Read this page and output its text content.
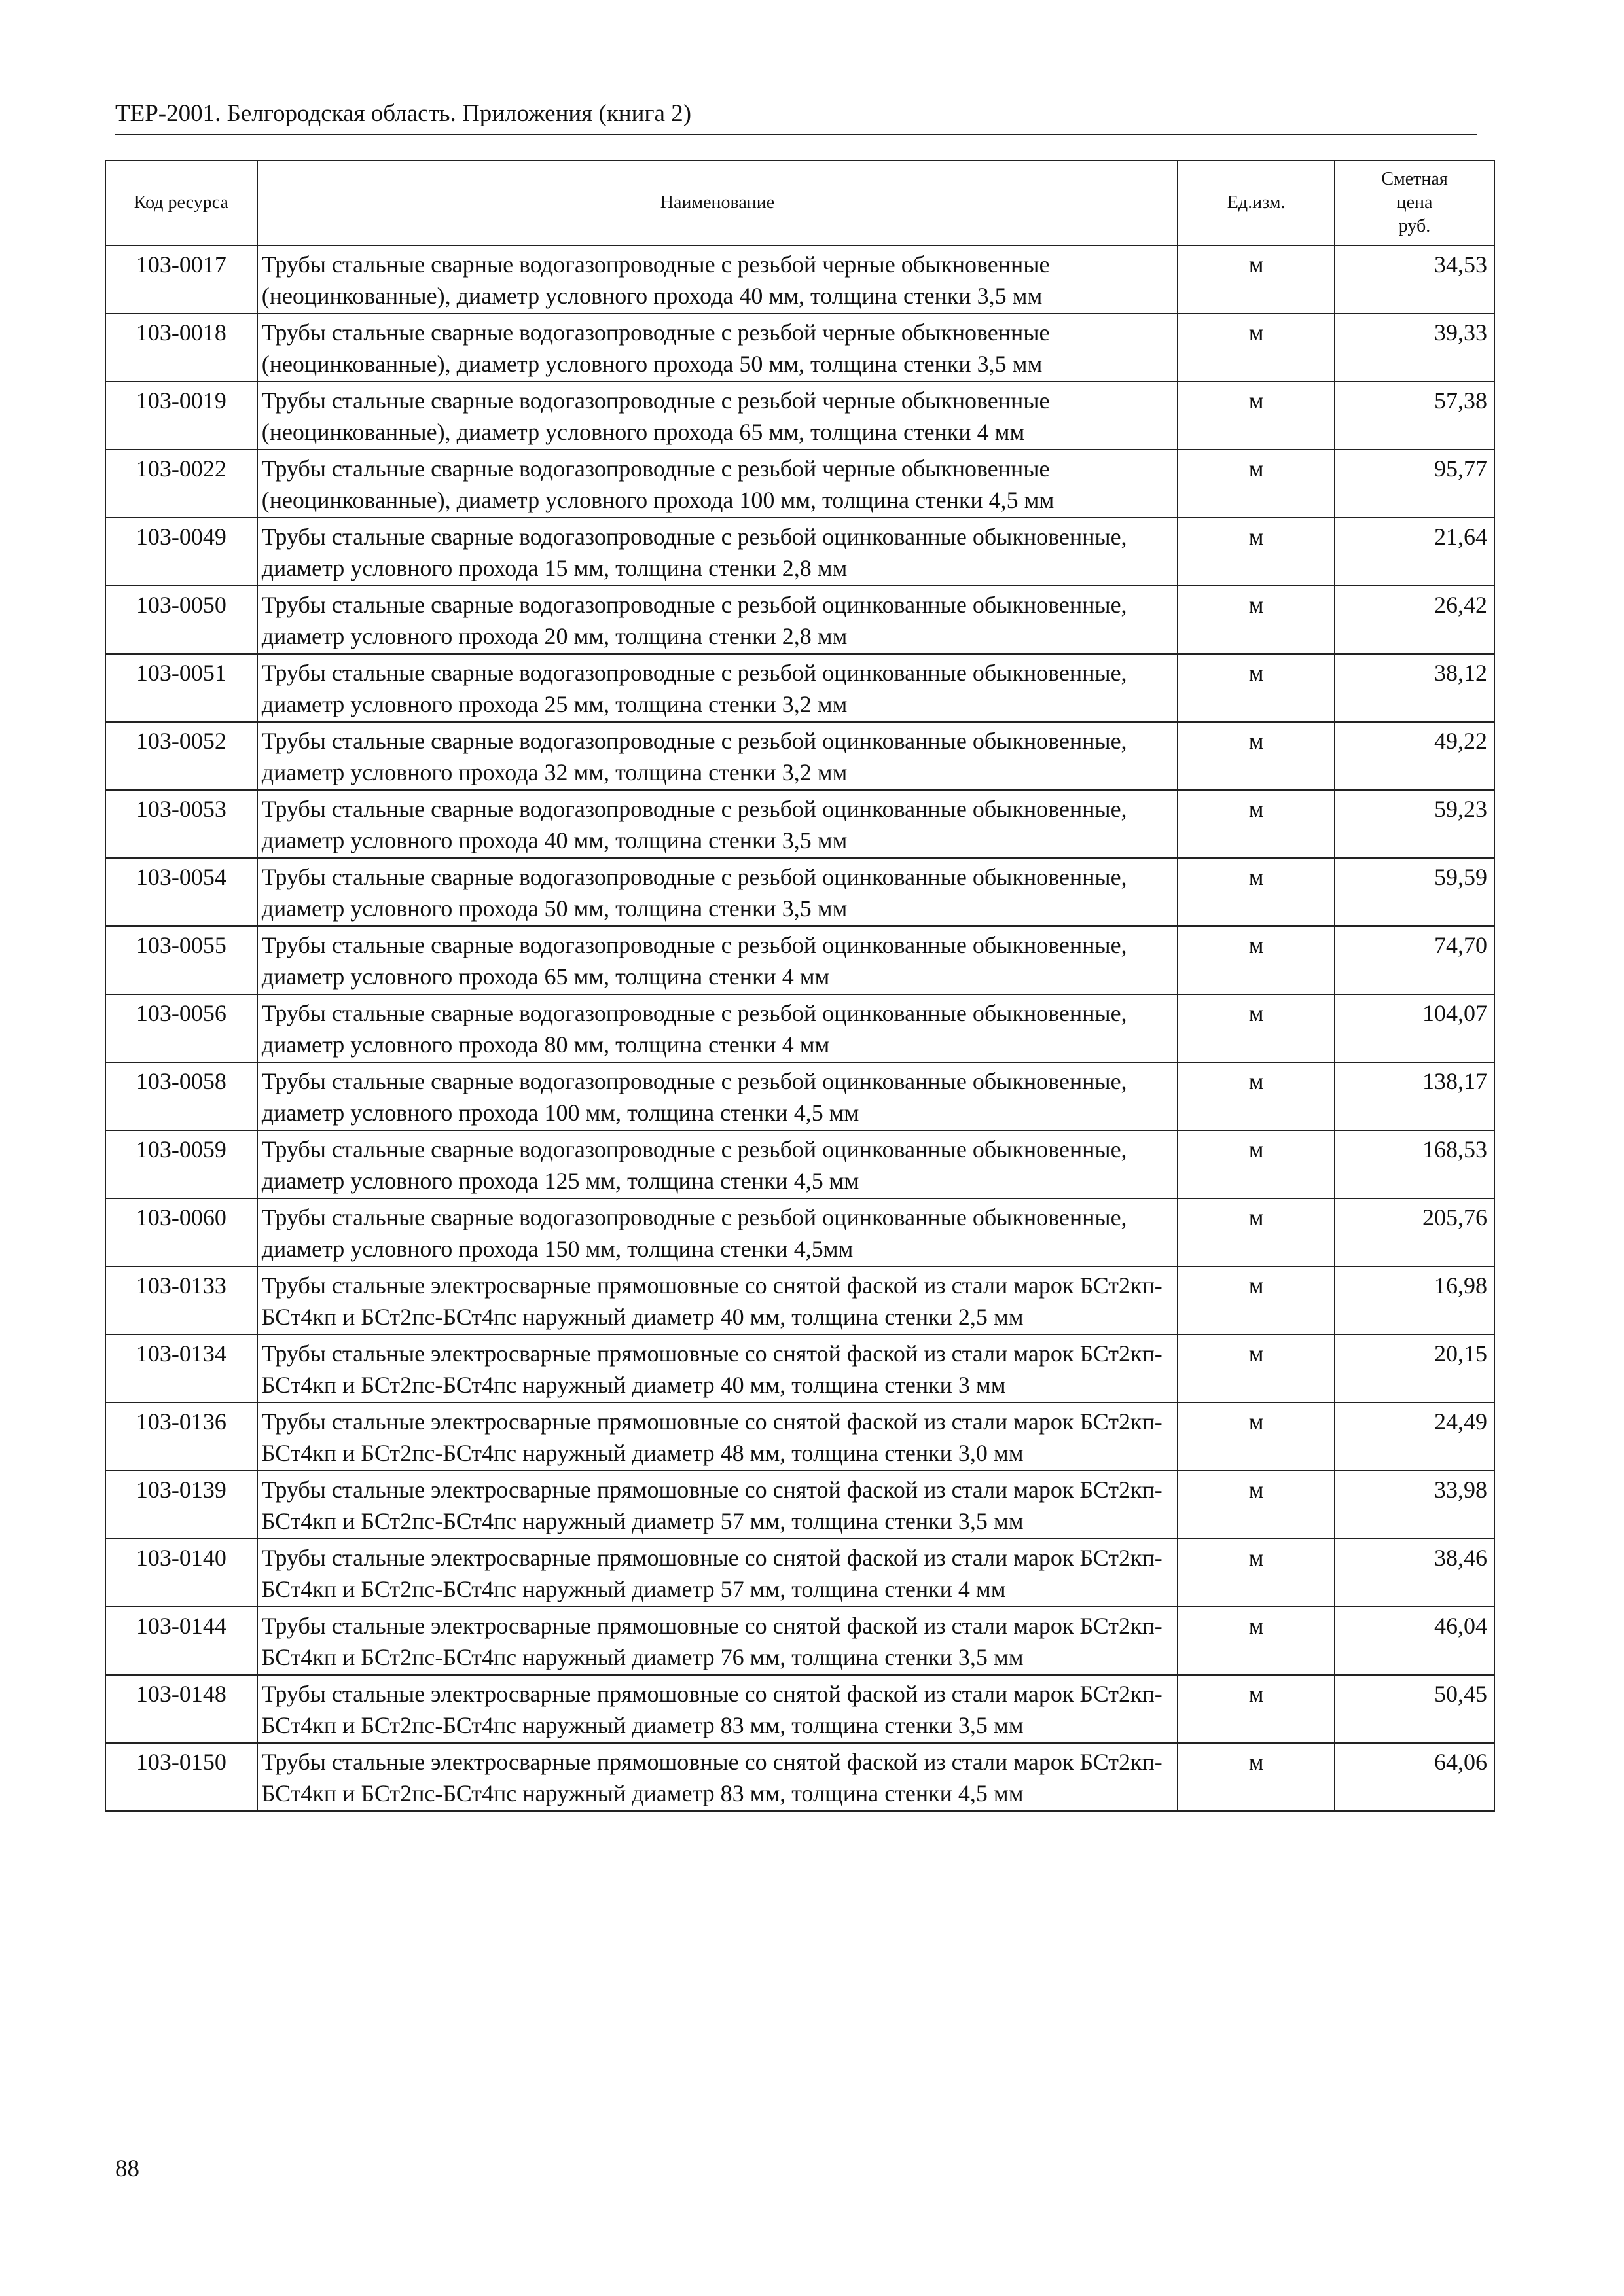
ТЕР-2001. Белгородская область. Приложения (книга 2)
Код ресурса	Наименование	Ед.изм.	Сметная
цена
руб.

103-0017	Трубы стальные сварные водогазопроводные с резьбой черные обыкновенные (неоцинкованные), диаметр условного прохода 40 мм, толщина стенки 3,5 мм	м	34,53
103-0018	Трубы стальные сварные водогазопроводные с резьбой черные обыкновенные (неоцинкованные), диаметр условного прохода 50 мм, толщина стенки 3,5 мм	м	39,33
103-0019	Трубы стальные сварные водогазопроводные с резьбой черные обыкновенные (неоцинкованные), диаметр условного прохода 65 мм, толщина стенки 4 мм	м	57,38
103-0022	Трубы стальные сварные водогазопроводные с резьбой черные обыкновенные (неоцинкованные), диаметр условного прохода 100 мм, толщина стенки 4,5 мм	м	95,77
103-0049	Трубы стальные сварные водогазопроводные с резьбой оцинкованные обыкновенные, диаметр условного прохода 15 мм, толщина стенки 2,8 мм	м	21,64
103-0050	Трубы стальные сварные водогазопроводные с резьбой оцинкованные обыкновенные, диаметр условного прохода 20 мм, толщина стенки 2,8 мм	м	26,42
103-0051	Трубы стальные сварные водогазопроводные с резьбой оцинкованные обыкновенные, диаметр условного прохода 25 мм, толщина стенки 3,2 мм	м	38,12
103-0052	Трубы стальные сварные водогазопроводные с резьбой оцинкованные обыкновенные, диаметр условного прохода 32 мм, толщина стенки 3,2 мм	м	49,22
103-0053	Трубы стальные сварные водогазопроводные с резьбой оцинкованные обыкновенные, диаметр условного прохода 40 мм, толщина стенки 3,5 мм	м	59,23
103-0054	Трубы стальные сварные водогазопроводные с резьбой оцинкованные обыкновенные, диаметр условного прохода 50 мм, толщина стенки 3,5 мм	м	59,59
103-0055	Трубы стальные сварные водогазопроводные с резьбой оцинкованные обыкновенные, диаметр условного прохода 65 мм, толщина стенки 4 мм	м	74,70
103-0056	Трубы стальные сварные водогазопроводные с резьбой оцинкованные обыкновенные, диаметр условного прохода 80 мм, толщина стенки 4 мм	м	104,07
103-0058	Трубы стальные сварные водогазопроводные с резьбой оцинкованные обыкновенные, диаметр условного прохода 100 мм, толщина стенки 4,5 мм	м	138,17
103-0059	Трубы стальные сварные водогазопроводные с резьбой оцинкованные обыкновенные, диаметр условного прохода 125 мм, толщина стенки 4,5 мм	м	168,53
103-0060	Трубы стальные сварные водогазопроводные с резьбой оцинкованные обыкновенные, диаметр условного прохода 150 мм, толщина стенки 4,5мм	м	205,76
103-0133	Трубы стальные электросварные прямошовные со снятой фаской из стали марок БСт2кп-БСт4кп и БСт2пс-БСт4пс наружный диаметр 40 мм, толщина стенки 2,5 мм	м	16,98
103-0134	Трубы стальные электросварные прямошовные со снятой фаской из стали марок БСт2кп-БСт4кп и БСт2пс-БСт4пс наружный диаметр 40 мм, толщина стенки 3 мм	м	20,15
103-0136	Трубы стальные электросварные прямошовные со снятой фаской из стали марок БСт2кп-БСт4кп и БСт2пс-БСт4пс наружный диаметр 48 мм, толщина стенки 3,0 мм	м	24,49
103-0139	Трубы стальные электросварные прямошовные со снятой фаской из стали марок БСт2кп-БСт4кп и БСт2пс-БСт4пс наружный диаметр 57 мм, толщина стенки 3,5 мм	м	33,98
103-0140	Трубы стальные электросварные прямошовные со снятой фаской из стали марок БСт2кп-БСт4кп и БСт2пс-БСт4пс наружный диаметр 57 мм, толщина стенки 4 мм	м	38,46
103-0144	Трубы стальные электросварные прямошовные со снятой фаской из стали марок БСт2кп-БСт4кп и БСт2пс-БСт4пс наружный диаметр 76 мм, толщина стенки 3,5 мм	м	46,04
103-0148	Трубы стальные электросварные прямошовные со снятой фаской из стали марок БСт2кп-БСт4кп и БСт2пс-БСт4пс наружный диаметр 83 мм, толщина стенки 3,5 мм	м	50,45
103-0150	Трубы стальные электросварные прямошовные со снятой фаской из стали марок БСт2кп-БСт4кп и БСт2пс-БСт4пс наружный диаметр 83 мм, толщина стенки 4,5 мм	м	64,06
88
